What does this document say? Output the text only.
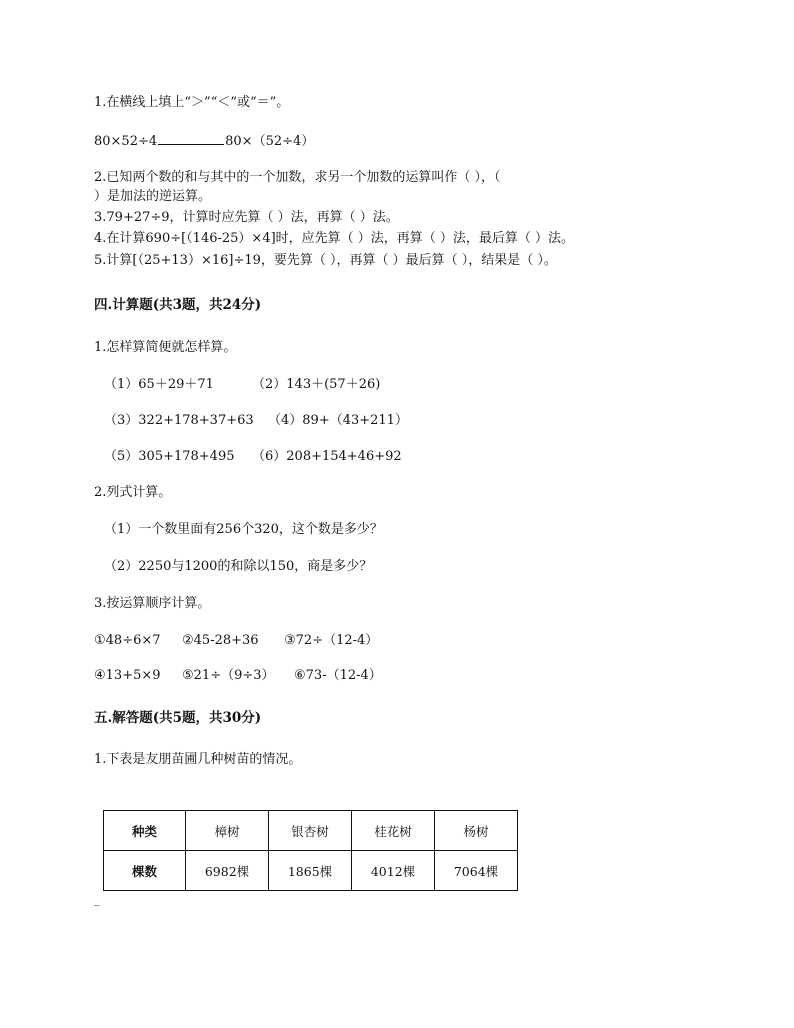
1.在横线上填上“＞”“＜”或“＝”。
80×52÷4	80×（52÷4）
2.已知两个数的和与其中的一个加数，求另一个加数的运算叫作（ ），（
）是加法的逆运算。
3.79+27÷9，计算时应先算（ ）法，再算（ ）法。
4.在计算690÷[（146-25）×4]时，应先算（ ）法，再算（ ）法，最后算（ ）法。
5.计算[（25+13）×16]÷19，要先算（ ），再算（ ）最后算（ ），结果是（ ）。
四.计算题(共3题，共24分)
1.怎样算简便就怎样算。
（1）65＋29＋71	（2）143＋(57＋26)
（3）322+178+37+63 （4）89+（43+211）
（5）305+178+495 （6）208+154+46+92
2.列式计算。
（1）一个数里面有256个320，这个数是多少？
（2）2250与1200的和除以150，商是多少？
3.按运算顺序计算。
①48÷6×7 ②45-28+36 ③72÷（12-4）
④13+5×9 ⑤21÷（9÷3） ⑥73-（12-4）
五.解答题(共5题，共30分)
1.下表是友朋苗圃几种树苗的情况。
种类	樟树	银杏树	桂花树	杨树
棵数	6982棵	1865棵	4012棵	7064棵
_
